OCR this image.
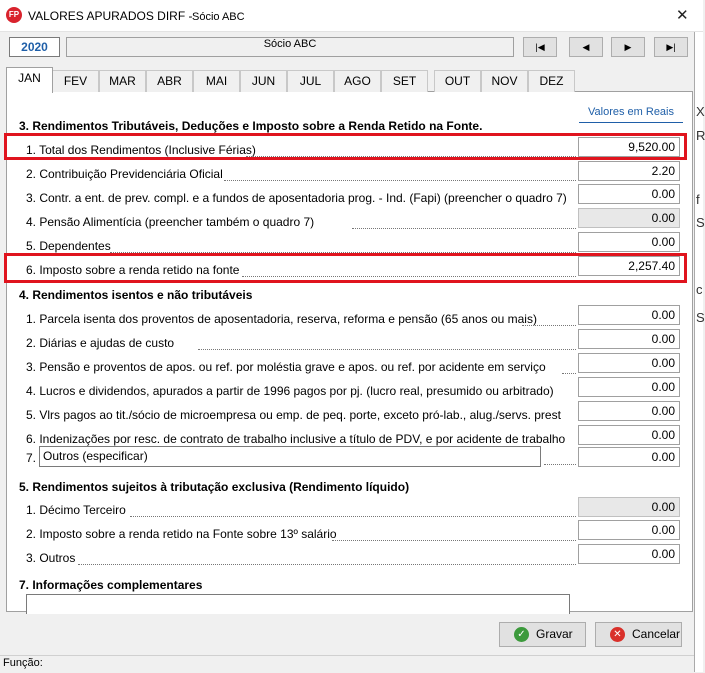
FP VALORES APURADOS DIRF - Sócio ABC	✕
X
R
f
S
c
S
2020	Sócio ABC	|◀	◀	▶	▶|
JAN	FEV	MAR	ABR	MAI	JUN	JUL	AGO	SET	OUT	NOV	DEZ
Valores em Reais
3. Rendimentos Tributáveis, Deduções e Imposto sobre a Renda Retido na Fonte.
1. Total dos Rendimentos (Inclusive Férias)	9,520.00
2. Contribuição Previdenciária Oficial	2.20
3. Contr. a ent. de prev. compl. e a fundos de aposentadoria prog. - Ind. (Fapi) (preencher o quadro 7)	0.00
4. Pensão Alimentícia (preencher também o quadro 7)	0.00
5. Dependentes	0.00
6. Imposto sobre a renda retido na fonte	2,257.40
4. Rendimentos isentos e não tributáveis
1. Parcela isenta dos proventos de aposentadoria, reserva, reforma e pensão (65 anos ou mais)	0.00
2. Diárias e ajudas de custo	0.00
3. Pensão e proventos de apos. ou ref. por moléstia grave e apos. ou ref. por acidente em serviço	0.00
4. Lucros e dividendos, apurados a partir de 1996 pagos por pj. (lucro real, presumido ou arbitrado)	0.00
5. Vlrs pagos ao tit./sócio de microempresa ou emp. de peq. porte, exceto pró-lab., alug./servs. prest	0.00
6. Indenizações por resc. de contrato de trabalho inclusive a título de PDV, e por acidente de trabalho	0.00
7. Outros (especificar)	0.00
5. Rendimentos sujeitos à tributação exclusiva (Rendimento líquido)
1. Décimo Terceiro	0.00
2. Imposto sobre a renda retido na Fonte sobre 13º salário	0.00
3. Outros	0.00
7. Informações complementares
✓ Gravar	✕ Cancelar
Função:
